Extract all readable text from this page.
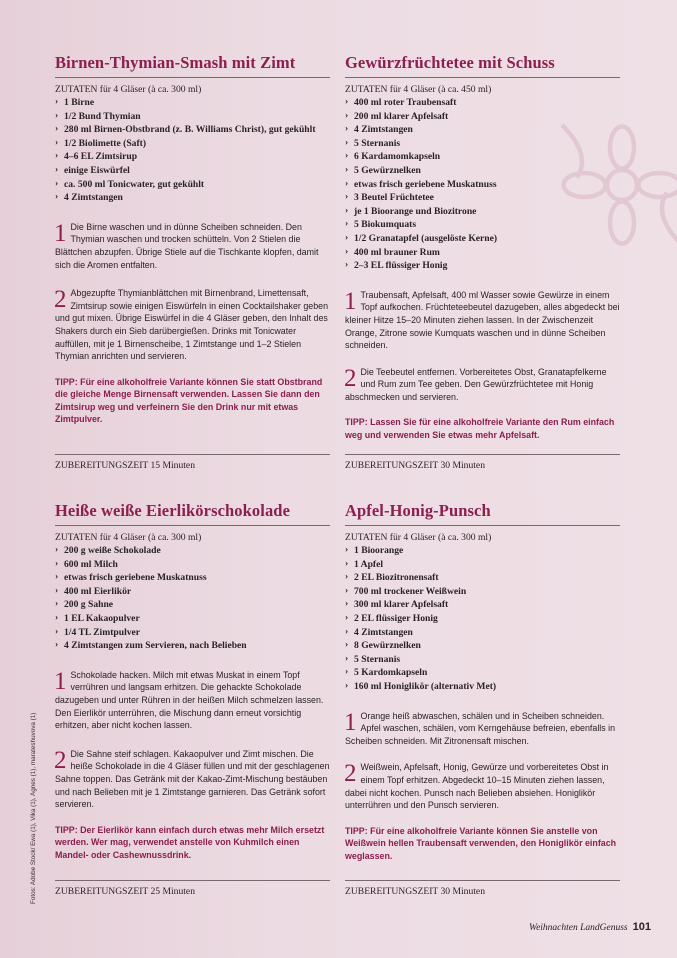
Birnen-Thymian-Smash mit Zimt
ZUTATEN für 4 Gläser (à ca. 300 ml)
› 1 Birne
› 1/2 Bund Thymian
› 280 ml Birnen-Obstbrand (z. B. Williams Christ), gut gekühlt
› 1/2 Biolimette (Saft)
› 4–6 EL Zimtsirup
› einige Eiswürfel
› ca. 500 ml Tonicwater, gut gekühlt
› 4 Zimtstangen
1 Die Birne waschen und in dünne Scheiben schneiden. Den Thymian waschen und trocken schütteln. Von 2 Stielen die Blättchen abzupfen. Übrige Stiele auf die Tischkante klopfen, damit sich die Aromen entfalten.
2 Abgezupfte Thymianblättchen mit Birnenbrand, Limettensaft, Zimtsirup sowie einigen Eiswürfeln in einen Cocktailshaker geben und gut mixen. Übrige Eiswürfel in die 4 Gläser geben, den Inhalt des Shakers durch ein Sieb darübergießen. Drinks mit Tonicwater auffüllen, mit je 1 Birnenscheibe, 1 Zimtstange und 1–2 Stielen Thymian anrichten und servieren.
TIPP: Für eine alkoholfreie Variante können Sie statt Obstbrand die gleiche Menge Birnensaft verwenden. Lassen Sie dann den Zimtsirup weg und verfeinern Sie den Drink nur mit etwas Zimtpulver.
ZUBEREITUNGSZEIT 15 Minuten
Gewürzfrüchtetee mit Schuss
ZUTATEN für 4 Gläser (à ca. 450 ml)
› 400 ml roter Traubensaft
› 200 ml klarer Apfelsaft
› 4 Zimtstangen
› 5 Sternanis
› 6 Kardamomkapseln
› 5 Gewürznelken
› etwas frisch geriebene Muskatnuss
› 3 Beutel Früchtetee
› je 1 Bioorange und Biozitrone
› 5 Biokumquats
› 1/2 Granatapfel (ausgelöste Kerne)
› 400 ml brauner Rum
› 2–3 EL flüssiger Honig
1 Traubensaft, Apfelsaft, 400 ml Wasser sowie Gewürze in einem Topf aufkochen. Früchteteebeutel dazugeben, alles abgedeckt bei kleiner Hitze 15–20 Minuten ziehen lassen. In der Zwischenzeit Orange, Zitrone sowie Kumquats waschen und in dünne Scheiben schneiden.
2 Die Teebeutel entfernen. Vorbereitetes Obst, Granatapfelkerne und Rum zum Tee geben. Den Gewürzfrüchtetee mit Honig abschmecken und servieren.
TIPP: Lassen Sie für eine alkoholfreie Variante den Rum einfach weg und verwenden Sie etwas mehr Apfelsaft.
ZUBEREITUNGSZEIT 30 Minuten
Heiße weiße Eierlikörschokolade
ZUTATEN für 4 Gläser (à ca. 300 ml)
› 200 g weiße Schokolade
› 600 ml Milch
› etwas frisch geriebene Muskatnuss
› 400 ml Eierlikör
› 200 g Sahne
› 1 EL Kakaopulver
› 1/4 TL Zimtpulver
› 4 Zimtstangen zum Servieren, nach Belieben
1 Schokolade hacken. Milch mit etwas Muskat in einem Topf verrühren und langsam erhitzen. Die gehackte Schokolade dazugeben und unter Rühren in der heißen Milch schmelzen lassen. Den Eierlikör unterrühren, die Mischung dann erneut vorsichtig erhitzen, aber nicht kochen lassen.
2 Die Sahne steif schlagen. Kakaopulver und Zimt mischen. Die heiße Schokolade in die 4 Gläser füllen und mit der geschlagenen Sahne toppen. Das Getränk mit der Kakao-Zimt-Mischung bestäuben und nach Belieben mit je 1 Zimtstange garnieren. Das Getränk sofort servieren.
TIPP: Der Eierlikör kann einfach durch etwas mehr Milch ersetzt werden. Wer mag, verwendet anstelle von Kuhmilch einen Mandel- oder Cashewnussdrink.
ZUBEREITUNGSZEIT 25 Minuten
Apfel-Honig-Punsch
ZUTATEN für 4 Gläser (à ca. 300 ml)
› 1 Bioorange
› 1 Apfel
› 2 EL Biozitronensaft
› 700 ml trockener Weißwein
› 300 ml klarer Apfelsaft
› 2 EL flüssiger Honig
› 4 Zimtstangen
› 8 Gewürznelken
› 5 Sternanis
› 5 Kardomkapseln
› 160 ml Honiglikör (alternativ Met)
1 Orange heiß abwaschen, schälen und in Scheiben schneiden. Apfel waschen, schälen, vom Kerngehäuse befreien, ebenfalls in Scheiben schneiden. Mit Zitronensaft mischen.
2 Weißwein, Apfelsaft, Honig, Gewürze und vorbereitetes Obst in einem Topf erhitzen. Abgedeckt 10–15 Minuten ziehen lassen, dabei nicht kochen. Punsch nach Belieben absiehen. Honiglikör unterrühren und den Punsch servieren.
TIPP: Für eine alkoholfreie Variante können Sie anstelle von Weißwein hellen Traubensaft verwenden, den Honiglikör einfach weglassen.
ZUBEREITUNGSZEIT 30 Minuten
Fotos: Adobe Stock/ Ewa (1), Vika (1), Agnes (1), marateshuvova (1)
Weihnachten LandGenuss 101
